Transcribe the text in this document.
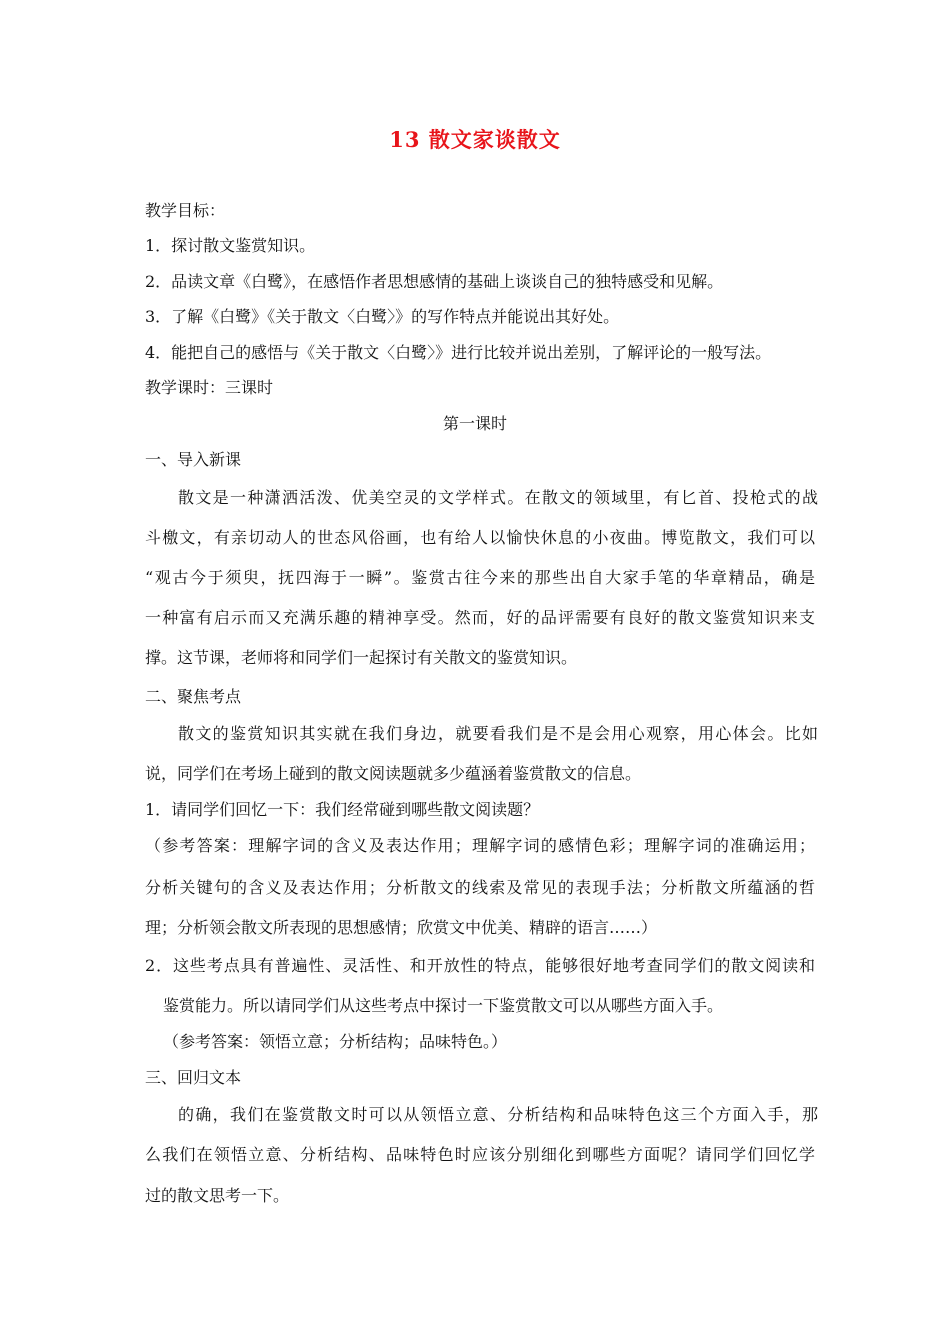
13 散文家谈散文
教学目标：
1．探讨散文鉴赏知识。
2．品读文章《白鹭》，在感悟作者思想感情的基础上谈谈自己的独特感受和见解。
3．了解《白鹭》《关于散文〈白鹭〉》的写作特点并能说出其好处。
4．能把自己的感悟与《关于散文〈白鹭〉》进行比较并说出差别，了解评论的一般写法。
教学课时：三课时
第一课时
一、导入新课
散文是一种潇洒活泼、优美空灵的文学样式。在散文的领域里，有匕首、投枪式的战
斗檄文，有亲切动人的世态风俗画，也有给人以愉快休息的小夜曲。博览散文，我们可以
“观古今于须臾，抚四海于一瞬”。鉴赏古往今来的那些出自大家手笔的华章精品，确是
一种富有启示而又充满乐趣的精神享受。然而，好的品评需要有良好的散文鉴赏知识来支
撑。这节课，老师将和同学们一起探讨有关散文的鉴赏知识。
二、聚焦考点
散文的鉴赏知识其实就在我们身边，就要看我们是不是会用心观察，用心体会。比如
说，同学们在考场上碰到的散文阅读题就多少蕴涵着鉴赏散文的信息。
1．请同学们回忆一下：我们经常碰到哪些散文阅读题？
（参考答案：理解字词的含义及表达作用；理解字词的感情色彩；理解字词的准确运用；
分析关键句的含义及表达作用；分析散文的线索及常见的表现手法；分析散文所蕴涵的哲
理；分析领会散文所表现的思想感情；欣赏文中优美、精辟的语言……）
2．这些考点具有普遍性、灵活性、和开放性的特点，能够很好地考查同学们的散文阅读和
鉴赏能力。所以请同学们从这些考点中探讨一下鉴赏散文可以从哪些方面入手。
（参考答案：领悟立意；分析结构；品味特色。）
三、回归文本
的确，我们在鉴赏散文时可以从领悟立意、分析结构和品味特色这三个方面入手，那
么我们在领悟立意、分析结构、品味特色时应该分别细化到哪些方面呢？请同学们回忆学
过的散文思考一下。
